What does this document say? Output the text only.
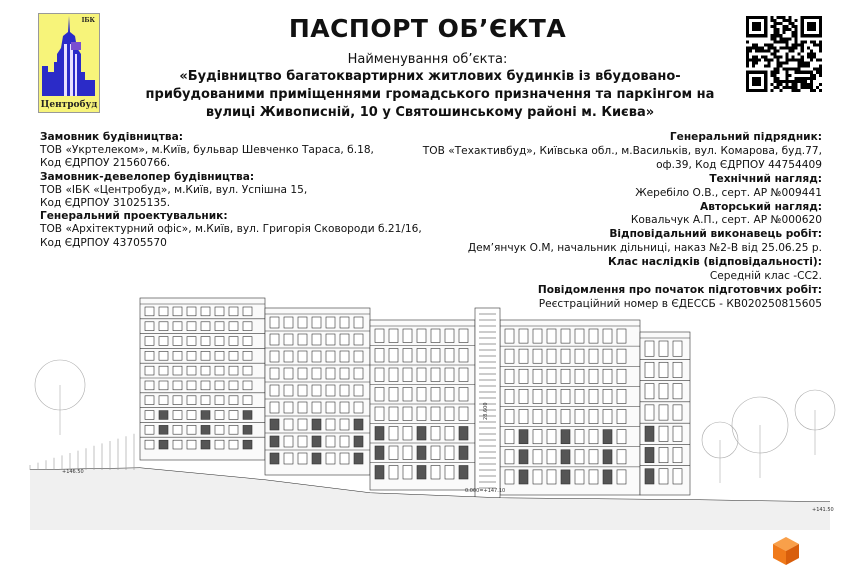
ІБК
Центробуд
ПАСПОРТ ОБ’ЄКТА
Найменування об’єкта:
«Будівництво багатоквартирних житлових будинків із вбудовано-
прибудованими приміщеннями громадського призначення та паркінгом на
вулиці Живописній, 10 у Святошинському районі м. Києва»
Замовник будівництва:
ТОВ «Укртелеком», м.Київ, бульвар Шевченко Тараса, б.18,
Код ЄДРПОУ 21560766.
Замовник-девелопер будівництва:
ТОВ «ІБК «Центробуд», м.Київ, вул. Успішна 15,
Код ЄДРПОУ 31025135.
Генеральний проектувальник:
ТОВ «Архітектурний офіс», м.Київ, вул. Григорія Сковороди б.21/16,
Код ЄДРПОУ 43705570
Генеральний підрядник:
ТОВ «Техактивбуд», Київська обл., м.Васильків, вул. Комарова, буд.77,
оф.39, Код ЄДРПОУ 44754409
Технічний нагляд:
Жеребіло О.В., серт. АР №009441
Авторський нагляд:
Ковальчук А.П., серт. АР №000620
Відповідальний виконавець робіт:
Дем’янчук О.М, начальник дільниці, наказ №2-В від 25.06.25 р.
Клас наслідків (відповідальності):
Середній клас -СС2.
Повідомлення про початок підготовчих робіт:
Реєстраційний номер в ЄДЕССБ - КВ020250815605
+146.50
+141.50
0.000=+147.10
28.600
